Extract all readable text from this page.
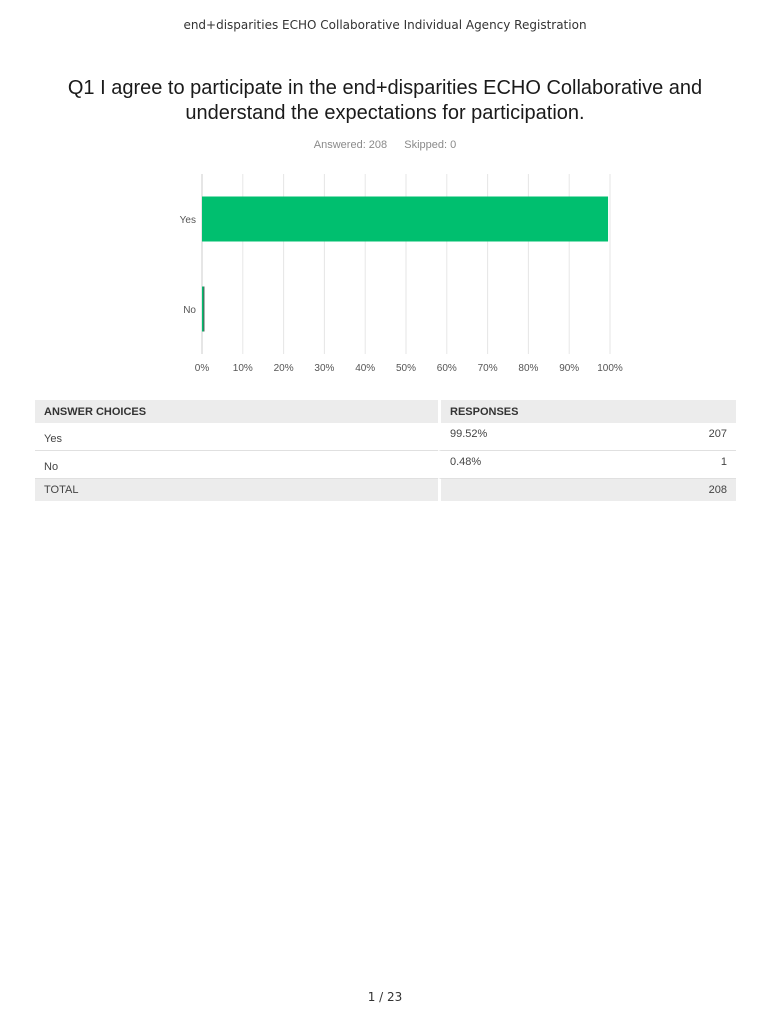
end+disparities ECHO Collaborative Individual Agency Registration
Q1 I agree to participate in the end+disparities ECHO Collaborative and understand the expectations for participation.
Answered: 208 Skipped: 0
0% 10% 20% 30% 40% 50% 60% 70% 80% 90% 100%
Yes
No
ANSWER CHOICES	RESPONSES	
Yes	99.52%	207
No	0.48%	1
TOTAL		208
1 / 23
